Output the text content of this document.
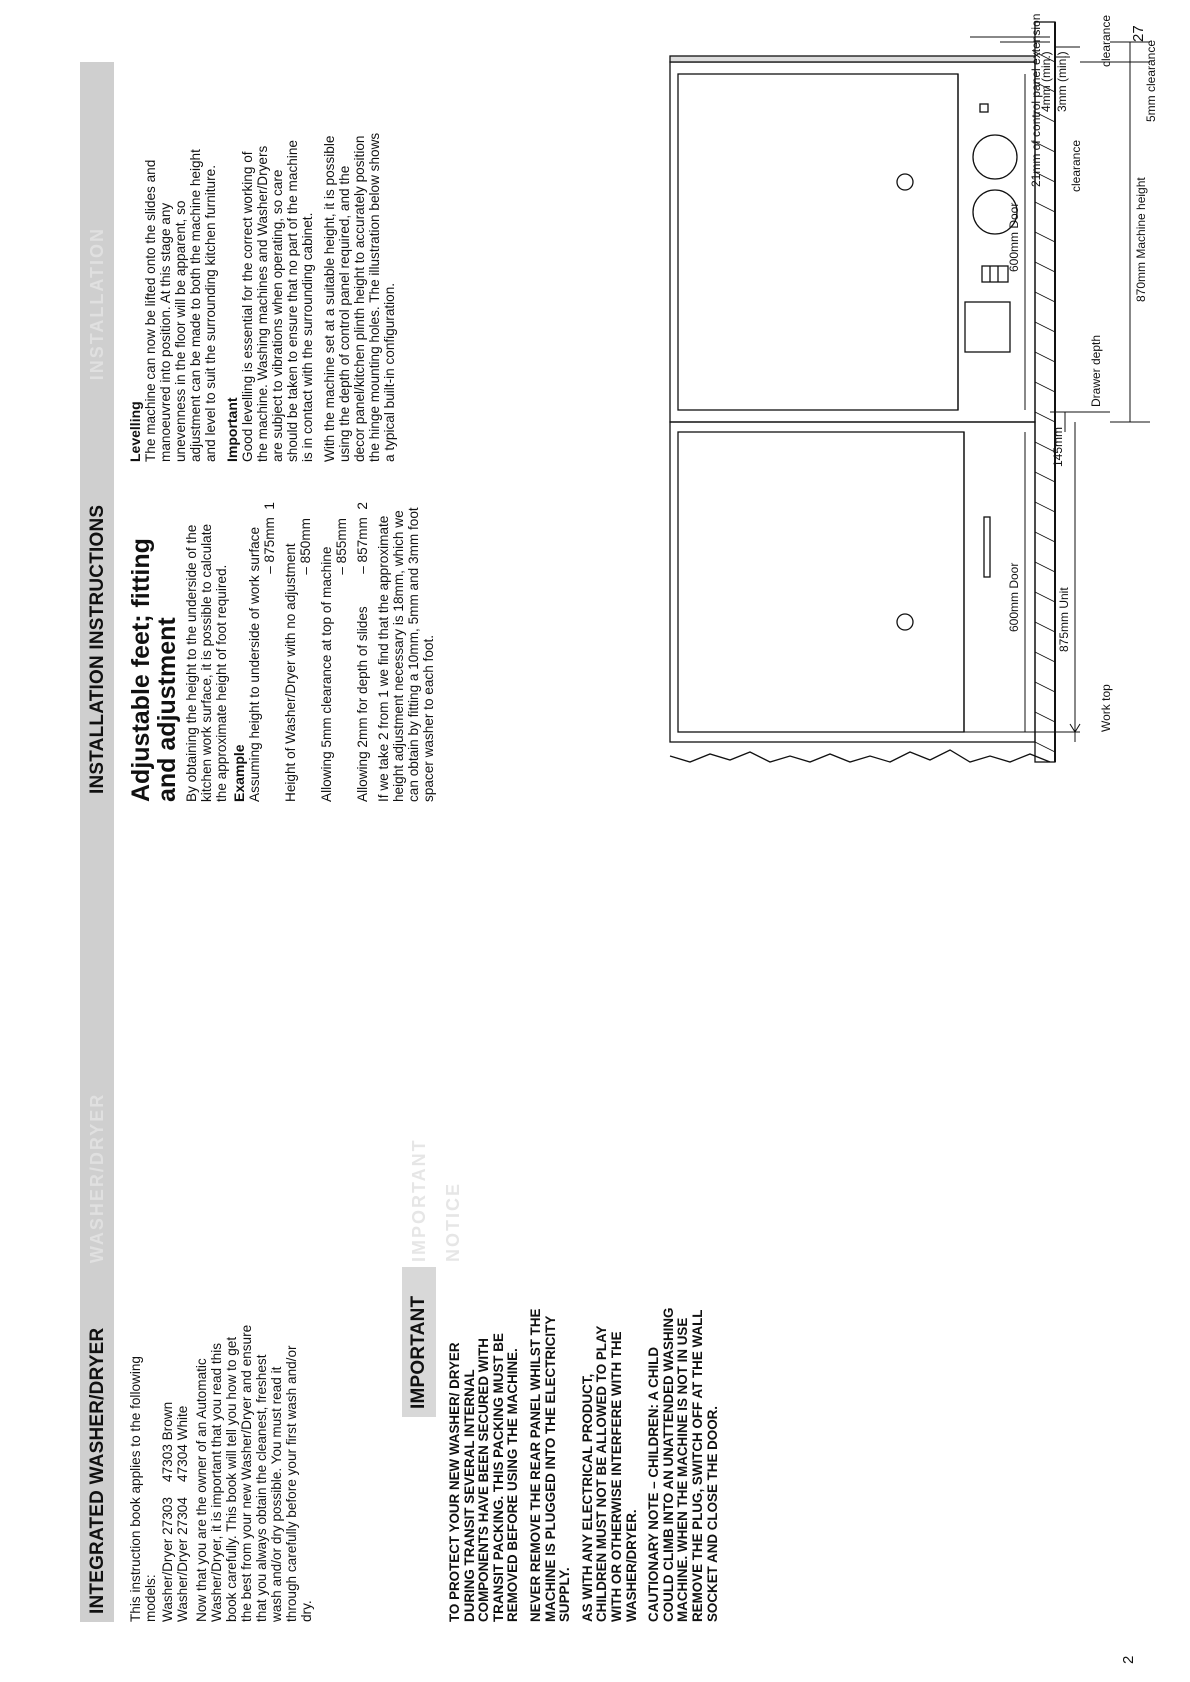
INTEGRATED WASHER/DRYER WASHER/DRYER

This instruction book applies to the following models: Washer/Dryer 27303    47303 Brown
Washer/Dryer 27304    47304 White Now that you are the owner of an Automatic Washer/Dryer, it is important that you read this book carefully. This book will tell you how to get the best from your new Washer/Dryer and ensure that you always obtain the cleanest, freshest wash and/or dry possible. You must read it through carefully before your first wash and/or dry.

IMPORTANT
IMPORTANT NOTICE

TO PROTECT YOUR NEW WASHER/ DRYER DURING TRANSIT SEVERAL INTERNAL COMPONENTS HAVE BEEN SECURED WITH TRANSIT PACKING. THIS PACKING MUST BE REMOVED BEFORE USING THE MACHINE. NEVER REMOVE THE REAR PANEL WHILST THE MACHINE IS PLUGGED INTO THE ELECTRICITY SUPPLY. AS WITH ANY ELECTRICAL PRODUCT, CHILDREN MUST NOT BE ALLOWED TO PLAY WITH OR OTHERWISE INTERFERE WITH THE WASHER/DRYER. CAUTIONARY NOTE – CHILDREN: A CHILD COULD CLIMB INTO AN UNATTENDED WASHING MACHINE. WHEN THE MACHINE IS NOT IN USE REMOVE THE PLUG, SWITCH OFF AT THE WALL SOCKET AND CLOSE THE DOOR.

2
INSTALLATION INSTRUCTIONS INSTALLATION
Adjustable feet; fitting and adjustment By obtaining the height to the underside of the kitchen work surface, it is possible to calculate the approximate height of foot required. Example Assuming height to underside of work surface – 875mm  1
Height of Washer/Dryer with no adjustment – 850mm
Allowing 5mm clearance at top of machine
– 855mm
Allowing 2mm for depth of slides
– 857mm  2

If we take 2 from 1 we find that the approximate height adjustment necessary is 18mm, which we can obtain by fitting a 10mm, 5mm and 3mm foot spacer washer to each foot.

Levelling The machine can now be lifted onto the slides and manoeuvred into position. At this stage any unevenness in the floor will be apparent, so adjustment can be made to both the machine height and level to suit the surrounding kitchen furniture. Important Good levelling is essential for the correct working of the machine. Washing machines and Washer/Dryers are subject to vibrations when operating, so care should be taken to ensure that no part of the machine is in contact with the surrounding cabinet. With the machine set at a suitable height, it is possible using the depth of control panel required, and the decor panel/kitchen plinth height to accurately position the hinge mounting holes. The illustration below shows a typical built-in configuration.

Work top
Drawer depth
145mm
875mm Unit
600mm Door
600mm Door
5mm clearance
4mm (min.)
21mm of control panel extension clearance
3mm (min.)
clearance
870mm Machine height
27
